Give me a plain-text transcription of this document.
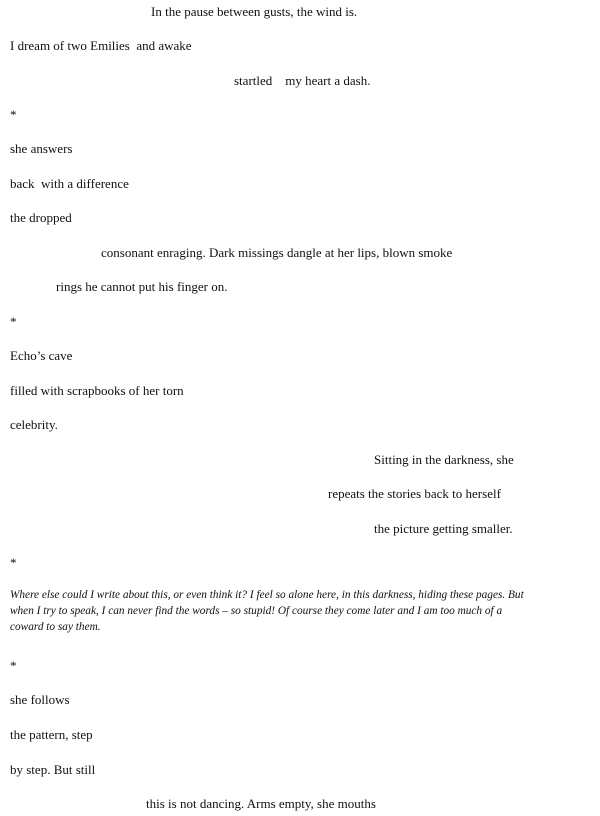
In the pause between gusts, the wind is.
I dream of two Emilies  and awake
startled    my heart a dash.
*
she answers
back  with a difference
the dropped
consonant enraging. Dark missings dangle at her lips, blown smoke
rings he cannot put his finger on.
*
Echo’s cave
filled with scrapbooks of her torn
celebrity.
Sitting in the darkness, she
repeats the stories back to herself
the picture getting smaller.
*
Where else could I write about this, or even think it? I feel so alone here, in this darkness, hiding these pages. But when I try to speak, I can never find the words – so stupid! Of course they come later and I am too much of a coward to say them.
*
she follows
the pattern, step
by step. But still
this is not dancing. Arms empty, she mouths
